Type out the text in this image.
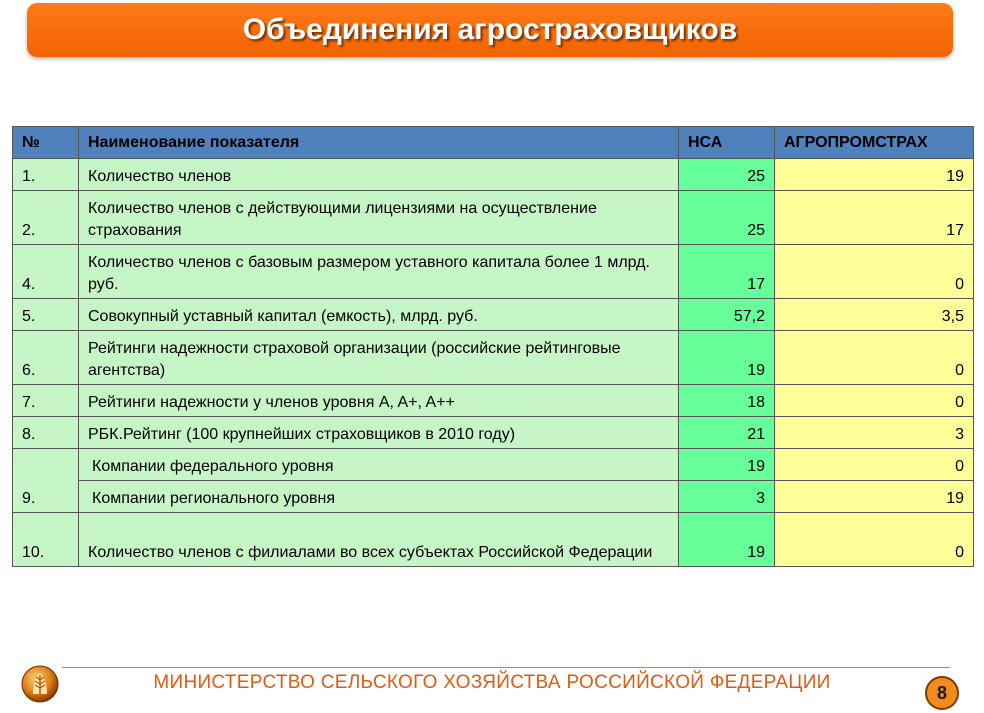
Объединения агростраховщиков
№	Наименование показателя	НСА	АГРОПРОМСТРАХ
1.	Количество членов	25	19
2.	Количество членов с действующими лицензиями на осуществление страхования	25	17
4.	Количество членов с базовым размером уставного капитала более 1 млрд. руб.	17	0
5.	Совокупный уставный капитал (емкость), млрд. руб.	57,2	3,5
6.	Рейтинги надежности страховой организации (российские рейтинговые агентства)	19	0
7.	Рейтинги надежности у членов уровня A, A+, A++	18	0
8.	РБК.Рейтинг (100 крупнейших страховщиков в 2010 году)	21	3
9.	Компании федерального уровня	19	0
	Компании регионального уровня	3	19
10.	Количество членов с филиалами во всех субъектах Российской Федерации	19	0
МИНИСТЕРСТВО СЕЛЬСКОГО ХОЗЯЙСТВА РОССИЙСКОЙ ФЕДЕРАЦИИ	8
